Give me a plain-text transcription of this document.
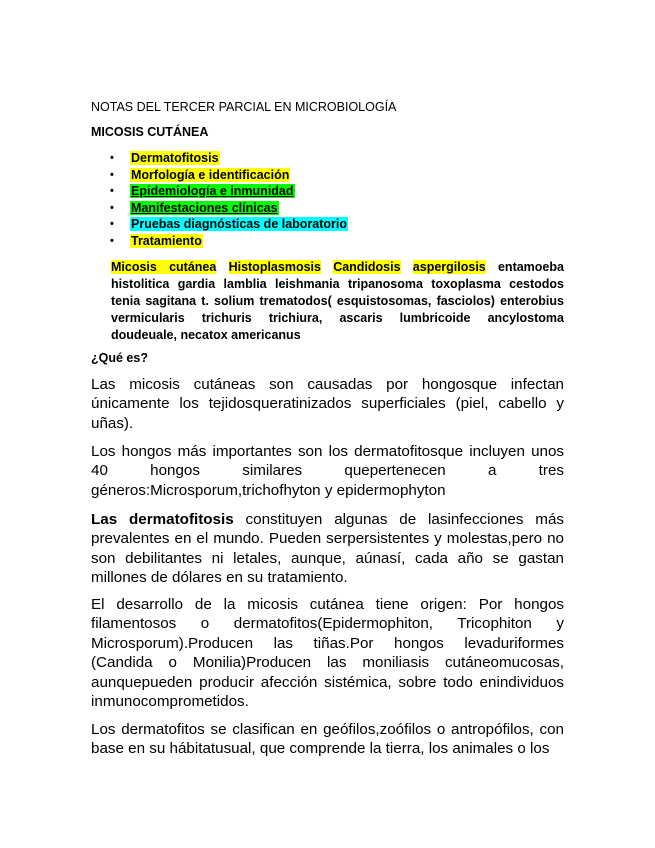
NOTAS DEL TERCER PARCIAL EN MICROBIOLOGÍA
MICOSIS CUTÁNEA
• Dermatofitosis
• Morfología e identificación
• Epidemiología e inmunidad
• Manifestaciones clínicas
• Pruebas diagnósticas de laboratorio
• Tratamiento
Micosis cutánea Histoplasmosis Candidosis aspergilosis entamoeba histolitica gardia lamblia leishmania tripanosoma toxoplasma cestodos tenia sagitana t. solium trematodos( esquistosomas, fasciolos) enterobius vermicularis trichuris trichiura, ascaris lumbricoide ancylostoma doudeuale, necatox americanus
¿Qué es?
Las micosis cutáneas son causadas por hongosque infectan únicamente los tejidosqueratinizados superficiales (piel, cabello y uñas).
Los hongos más importantes son los dermatofitosque incluyen unos 40 hongos similares quepertenecen a tres géneros:Microsporum,trichofhyton y epidermophyton
Las dermatofitosis constituyen algunas de lasinfecciones más prevalentes en el mundo. Pueden serpersistentes y molestas,pero no son debilitantes ni letales, aunque, aúnasí, cada año se gastan millones de dólares en su tratamiento.
El desarrollo de la micosis cutánea tiene origen: Por hongos filamentosos o dermatofitos(Epidermophiton, Tricophiton y Microsporum).Producen las tiñas.Por hongos levaduriformes (Candida o Monilia)Producen las moniliasis cutáneomucosas, aunquepueden producir afección sistémica, sobre todo enindividuos inmunocomprometidos.
Los dermatofitos se clasifican en geófilos,zoófilos o antropófilos, con base en su hábitatusual, que comprende la tierra, los animales o los
